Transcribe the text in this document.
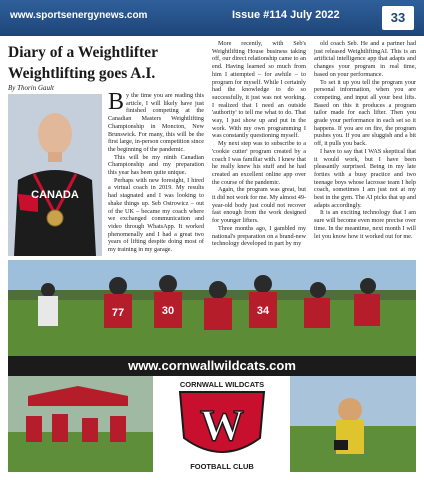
www.sportsenergynews.com	Issue #114 July 2022	33
Diary of a Weightlifter
Weightlifting goes A.I.
By Thorin Gault
CANADA

By the time you are reading this article, I will likely have just finished competing at the Canadian Masters Weightlifting Championship in Moncton, New Brunswick. For many, this will be the first large, in-person competition since the beginning of the pandemic.

This will be my ninth Canadian Championship and my preparation this year has been quite unique.

Perhaps with new foresight, I hired a virtual coach in 2019. My results had stagnated and I was looking to shake things up. Seb Ostrowicz – out of the UK – became my coach where we exchanged communication and video through WhatsApp. It worked phenomenally and I had a great two years of lifting despite doing most of my training in my garage.

More recently, with Seb's Weightlifting House business taking off, our direct relationship came to an end. Having learned so much from him I attempted – for awhile – to program for myself. While I certainly had the knowledge to do so successfully, it just was not working. I realized that I need an outside 'authority' to tell me what to do. That way, I just show up and put in the work. With my own programming I was constantly questioning myself.

My next step was to subscribe to a 'cookie cutter' program created by a coach I was familiar with. I knew that he really knew his stuff and he had created an excellent online app over the course of the pandemic.

Again, the program was great, but it did not work for me. My almost 49-year-old body just could not recover fast enough from the work designed for younger lifters.

Three months ago, I gambled my national's preparation on a brand-new technology developed in part by my

old coach Seb. He and a partner had just released WeightliftingAI. This is an artificial intelligence app that adapts and changes your program in real time, based on your performance.

To set it up you tell the program your personal information, when you are competing, and input all your best lifts. Based on this it produces a program tailor made for each lifter. Then you grade your performance in each set so it happens. If you are on fire, the program pushes you. If you are sluggish and a bit off, it pulls you back.

I have to say that I WAS skeptical that it would work, but I have been pleasantly surprised. Being in my late forties with a busy practice and two teenage boys whose lacrosse team I help coach, sometimes I am just not at my best in the gym. The AI picks that up and adapts accordingly.

It is an exciting technology that I am sure will become even more precise over time. In the meantime, next month I will let you know how it worked out for me.

77	30	34
www.cornwallwildcats.com
CORNWALL WILDCATS
W
FOOTBALL CLUB
